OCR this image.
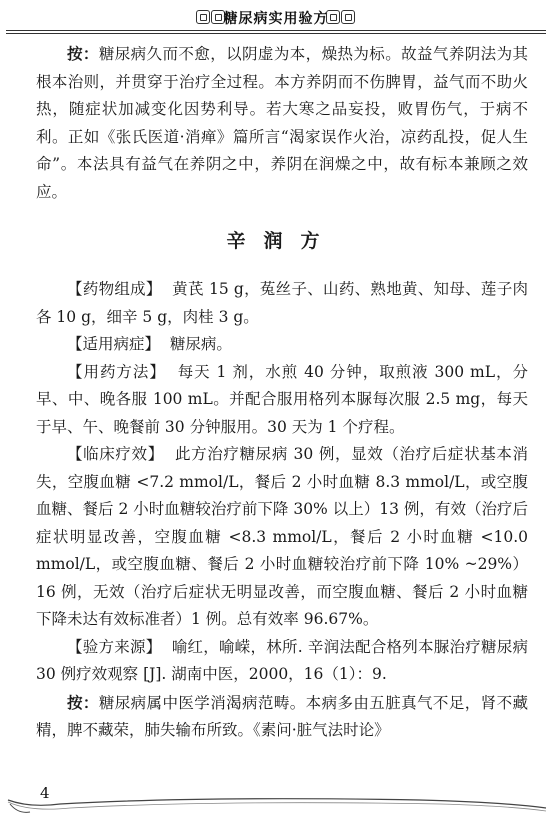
糖尿病实用验方

按：糖尿病久而不愈，以阴虚为本，燥热为标。故益气养阴法为其根本治则，并贯穿于治疗全过程。本方养阴而不伤脾胃，益气而不助火热，随症状加减变化因势利导。若大寒之品妄投，败胃伤气，于病不利。正如《张氏医道·消瘅》篇所言“渴家误作火治，凉药乱投，促人生命”。本法具有益气在养阴之中，养阴在润燥之中，故有标本兼顾之效应。

辛润方

【药物组成】 黄芪 15 g，菟丝子、山药、熟地黄、知母、莲子肉各 10 g，细辛 5 g，肉桂 3 g。

【适用病症】 糖尿病。

【用药方法】 每天 1 剂，水煎 40 分钟，取煎液 300 mL，分早、中、晚各服 100 mL。并配合服用格列本脲每次服 2.5 mg，每天于早、午、晚餐前 30 分钟服用。30 天为 1 个疗程。

【临床疗效】 此方治疗糖尿病 30 例，显效（治疗后症状基本消失，空腹血糖 <7.2 mmol/L，餐后 2 小时血糖 8.3 mmol/L，或空腹血糖、餐后 2 小时血糖较治疗前下降 30% 以上）13 例，有效（治疗后症状明显改善，空腹血糖 <8.3 mmol/L，餐后 2 小时血糖 <10.0 mmol/L，或空腹血糖、餐后 2 小时血糖较治疗前下降 10% ~29%）16 例，无效（治疗后症状无明显改善，而空腹血糖、餐后 2 小时血糖下降未达有效标准者）1 例。总有效率 96.67%。

【验方来源】 喻红，喻嵘，林所. 辛润法配合格列本脲治疗糖尿病 30 例疗效观察 [J]. 湖南中医，2000，16（1）：9.

按：糖尿病属中医学消渴病范畴。本病多由五脏真气不足，肾不藏精，脾不藏荣，肺失输布所致。《素问·脏气法时论》

4
